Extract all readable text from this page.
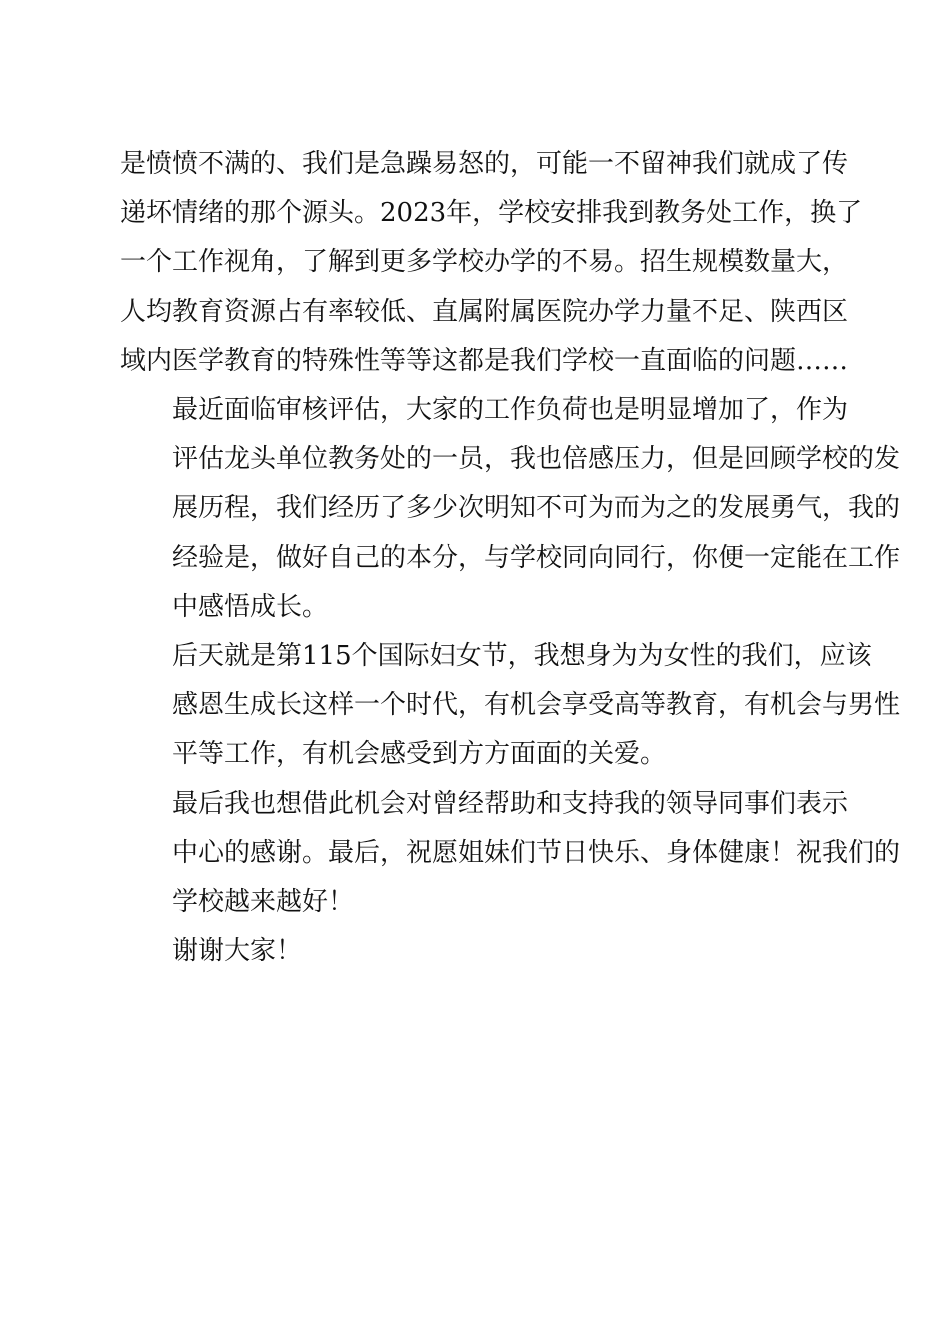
是愤愤不满的、我们是急躁易怒的，可能一不留神我们就成了传
递坏情绪的那个源头。2023年，学校安排我到教务处工作，换了
一个工作视角，了解到更多学校办学的不易。招生规模数量大，
人均教育资源占有率较低、直属附属医院办学力量不足、陕西区
域内医学教育的特殊性等等这都是我们学校一直面临的问题……

最近面临审核评估，大家的工作负荷也是明显增加了，作为
评估龙头单位教务处的一员，我也倍感压力，但是回顾学校的发
展历程，我们经历了多少次明知不可为而为之的发展勇气，我的
经验是，做好自己的本分，与学校同向同行，你便一定能在工作
中感悟成长。

后天就是第115个国际妇女节，我想身为为女性的我们，应该
感恩生成长这样一个时代，有机会享受高等教育，有机会与男性
平等工作，有机会感受到方方面面的关爱。

最后我也想借此机会对曾经帮助和支持我的领导同事们表示
中心的感谢。最后，祝愿姐妹们节日快乐、身体健康！祝我们的
学校越来越好！

谢谢大家！
